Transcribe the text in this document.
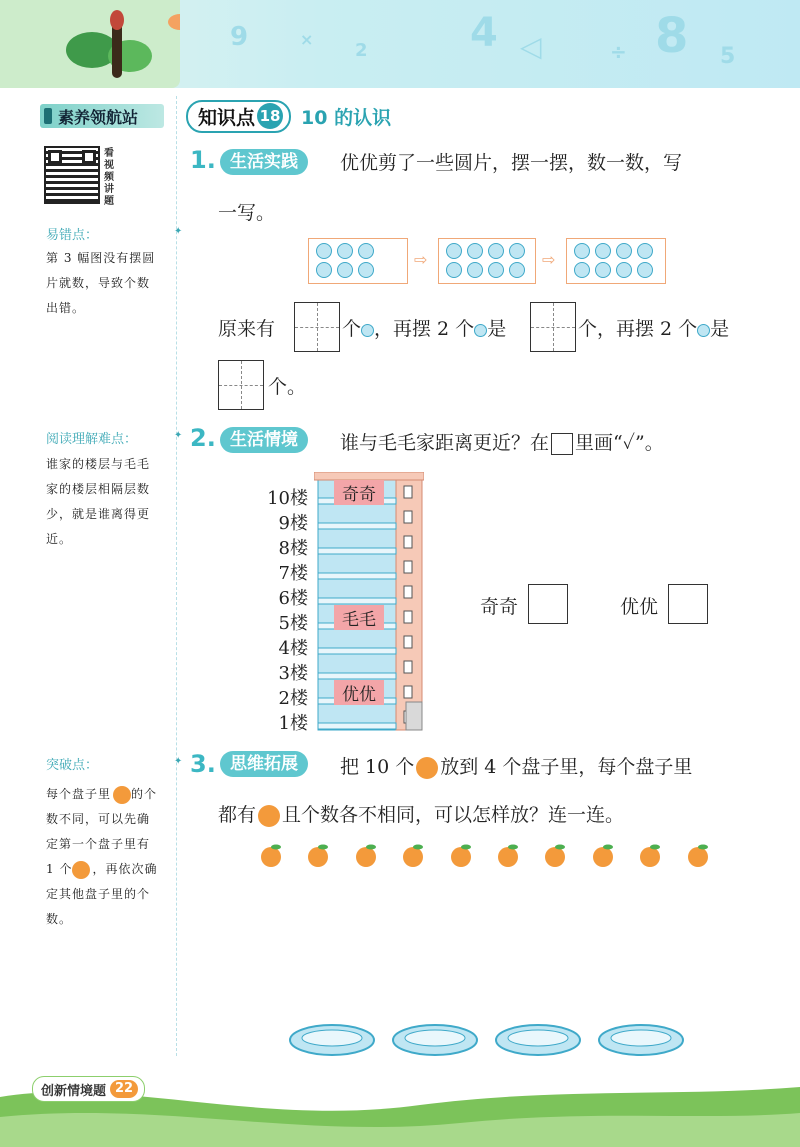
9	×
2	4 ◁	÷ 8 5
素养领航站
看视频讲题
易错点：	✦
第 3 幅图没有摆圆片就数，导致个数出错。
阅读理解难点：	✦
谁家的楼层与毛毛家的楼层相隔层数少，就是谁离得更近。
突破点：	✦
每个盘子里 的个数不同，可以先确定第一个盘子里有 1 个 ，再依次确定其他盘子里的个数。
知识点 18 10 的认识
1. 生活实践	优优剪了一些圆片，摆一摆，数一数，写
一写。
⇨	⇨
原来有	个 ，再摆 2 个 是	个，再摆 2 个 是
个。
2. 生活情境	谁与毛毛家距离更近？在 里画“✓”。
10楼
9楼
8楼
7楼
6楼
5楼
4楼
3楼
2楼
1楼
奇奇
毛毛
优优
奇奇	优优
3. 思维拓展	把 10 个 放到 4 个盘子里，每个盘子里
都有 且个数各不相同，可以怎样放？连一连。
创新情境题 22
